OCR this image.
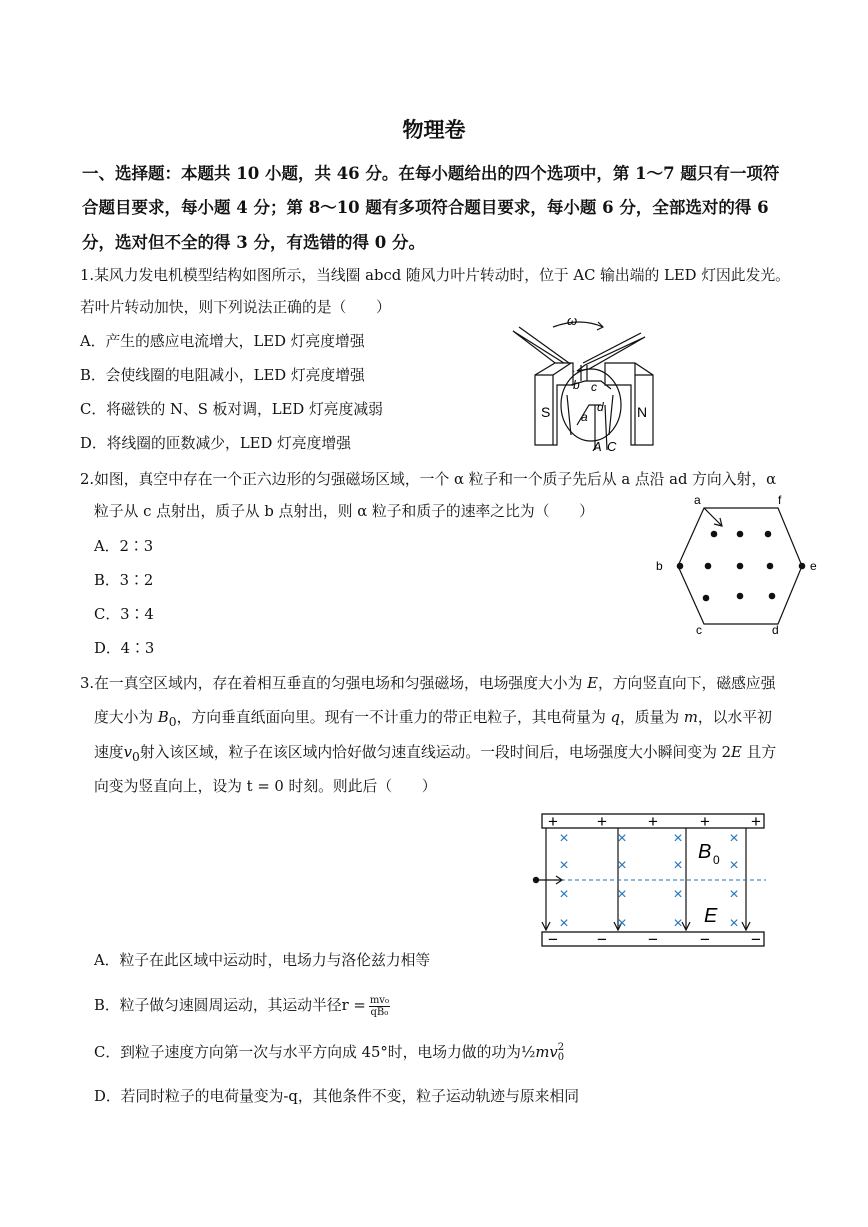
物理卷
一、选择题：本题共 10 小题，共 46 分。在每小题给出的四个选项中，第 1～7 题只有一项符
合题目要求，每小题 4 分；第 8～10 题有多项符合题目要求，每小题 6 分，全部选对的得 6
分，选对但不全的得 3 分，有选错的得 0 分。
1.某风力发电机模型结构如图所示，当线圈 abcd 随风力叶片转动时，位于 AC 输出端的 LED 灯因此发光。
若叶片转动加快，则下列说法正确的是（　　）
A．产生的感应电流增大，LED 灯亮度增强
B．会使线圈的电阻减小，LED 灯亮度增强
C．将磁铁的 N、S 板对调，LED 灯亮度减弱
D．将线圈的匝数减少，LED 灯亮度增强
ω
S	N
b c
d
a
A C
2.如图，真空中存在一个正六边形的匀强磁场区域，一个 α 粒子和一个质子先后从 a 点沿 ad 方向入射，α
粒子从 c 点射出，质子从 b 点射出，则 α 粒子和质子的速率之比为（　　）
A．2∶3
B．3∶2
C．3∶4
D．4∶3
a	f
b	e
c	d
3.在一真空区域内，存在着相互垂直的匀强电场和匀强磁场，电场强度大小为 E，方向竖直向下，磁感应强
度大小为 $B_0$，方向垂直纸面向里。现有一不计重力的带正电粒子，其电荷量为 q，质量为 m，以水平初
速度$v_0$射入该区域，粒子在该区域内恰好做匀速直线运动。一段时间后，电场强度大小瞬间变为 2E 且方
向变为竖直向上，设为 t = 0 时刻。则此后（　　）
+ + + + +
− − − − −
×
×
×
×
×
×
×
×
×
×
×
×
×
×
×
×
B 0
E
A．粒子在此区域中运动时，电场力与洛伦兹力相等
B．粒子做匀速圆周运动，其运动半径$r = \frac{\text{mv₀}}{\text{qB₀}}$
C．到粒子速度方向第一次与水平方向成 45°时，电场力做的功为½mv 2
0
D．若同时粒子的电荷量变为-q，其他条件不变，粒子运动轨迹与原来相同
